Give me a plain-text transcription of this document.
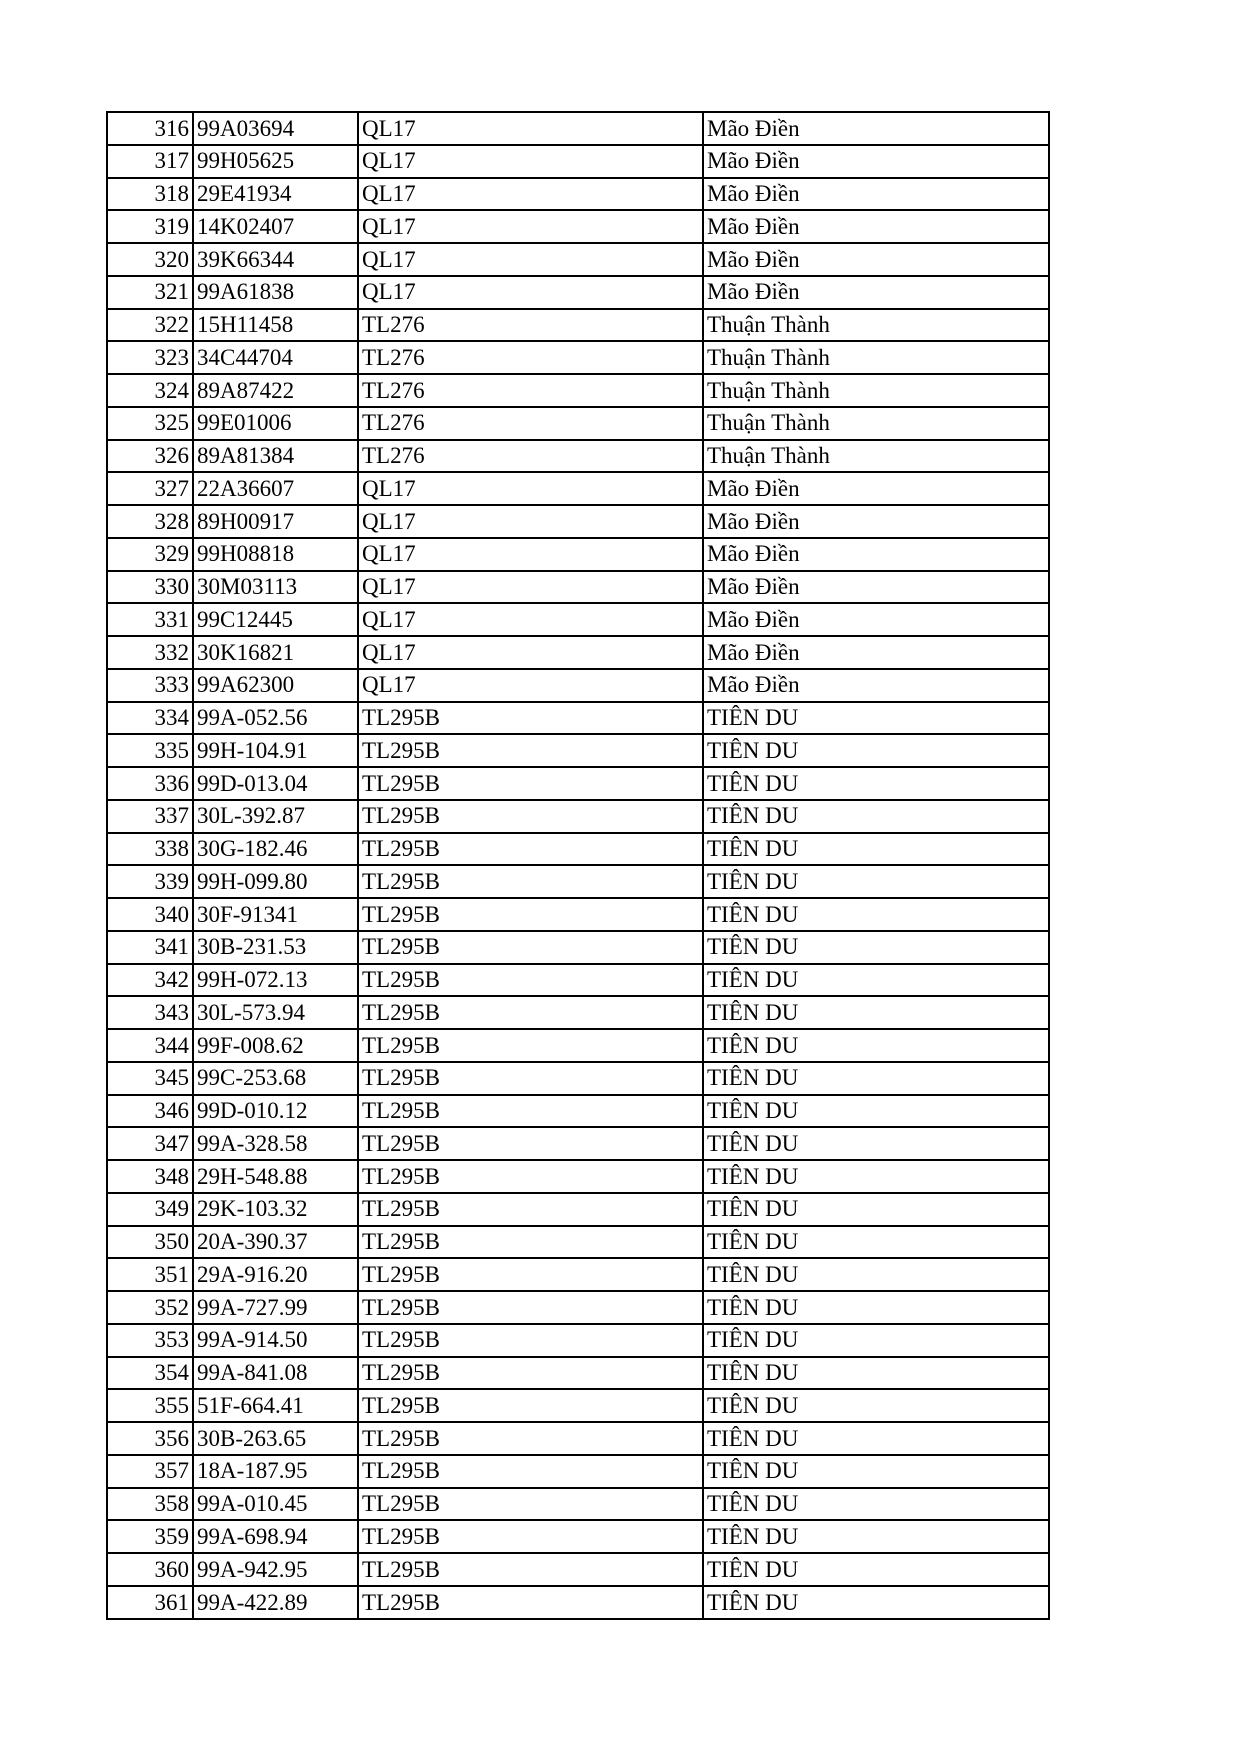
316	99A03694	QL17	Mão Điền
317	99H05625	QL17	Mão Điền
318	29E41934	QL17	Mão Điền
319	14K02407	QL17	Mão Điền
320	39K66344	QL17	Mão Điền
321	99A61838	QL17	Mão Điền
322	15H11458	TL276	Thuận Thành
323	34C44704	TL276	Thuận Thành
324	89A87422	TL276	Thuận Thành
325	99E01006	TL276	Thuận Thành
326	89A81384	TL276	Thuận Thành
327	22A36607	QL17	Mão Điền
328	89H00917	QL17	Mão Điền
329	99H08818	QL17	Mão Điền
330	30M03113	QL17	Mão Điền
331	99C12445	QL17	Mão Điền
332	30K16821	QL17	Mão Điền
333	99A62300	QL17	Mão Điền
334	99A-052.56	TL295B	TIÊN DU
335	99H-104.91	TL295B	TIÊN DU
336	99D-013.04	TL295B	TIÊN DU
337	30L-392.87	TL295B	TIÊN DU
338	30G-182.46	TL295B	TIÊN DU
339	99H-099.80	TL295B	TIÊN DU
340	30F-91341	TL295B	TIÊN DU
341	30B-231.53	TL295B	TIÊN DU
342	99H-072.13	TL295B	TIÊN DU
343	30L-573.94	TL295B	TIÊN DU
344	99F-008.62	TL295B	TIÊN DU
345	99C-253.68	TL295B	TIÊN DU
346	99D-010.12	TL295B	TIÊN DU
347	99A-328.58	TL295B	TIÊN DU
348	29H-548.88	TL295B	TIÊN DU
349	29K-103.32	TL295B	TIÊN DU
350	20A-390.37	TL295B	TIÊN DU
351	29A-916.20	TL295B	TIÊN DU
352	99A-727.99	TL295B	TIÊN DU
353	99A-914.50	TL295B	TIÊN DU
354	99A-841.08	TL295B	TIÊN DU
355	51F-664.41	TL295B	TIÊN DU
356	30B-263.65	TL295B	TIÊN DU
357	18A-187.95	TL295B	TIÊN DU
358	99A-010.45	TL295B	TIÊN DU
359	99A-698.94	TL295B	TIÊN DU
360	99A-942.95	TL295B	TIÊN DU
361	99A-422.89	TL295B	TIÊN DU
